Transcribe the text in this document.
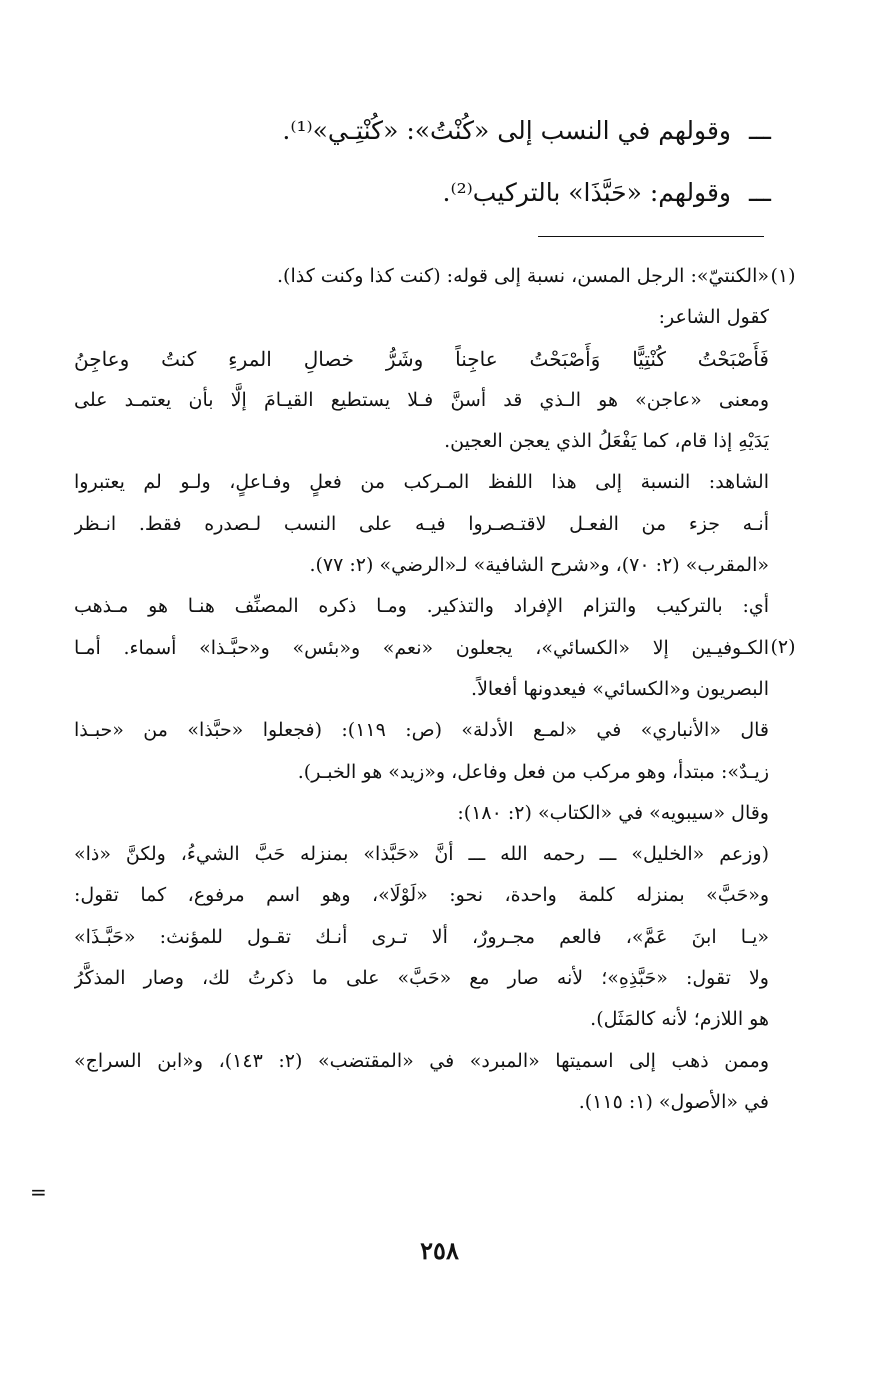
ـــوقولهم في النسب إلى «كُنْتُ»: «كُنْتِـي»⁽¹⁾.
ـــوقولهم: «حَبَّذَا» بالتركيب⁽²⁾.
(١)
(٢)
«الكنتيّ»: الرجل المسن، نسبة إلى قوله: (كنت كذا وكنت كذا).
كقول الشاعر:
فَأَصْبَحْتُ كُنْتِيًّا وَأَصْبَحْتُ عاجِناً وشَرُّ خصالِ المرءِ كنتُ وعاجِنُ
ومعنى «عاجن» هو الـذي قد أسنَّ فـلا يستطيع القيـامَ إلَّا بأن يعتمـد على
يَدَيْهِ إذا قام، كما يَفْعَلُ الذي يعجن العجين.
الشاهد: النسبة إلى هذا اللفظ المـركب من فعلٍ وفـاعلٍ، ولـو لم يعتبروا
أنـه جزء من الفعـل لاقتـصـروا فيـه على النسب لـصدره فقط. انـظر
«المقرب» (٢: ٧٠)، و«شرح الشافية» لـ«الرضي» (٢: ٧٧).
أي: بالتركيب والتزام الإفراد والتذكير. ومـا ذكره المصنِّف هنـا هو مـذهب
الكـوفيـين إلا «الكسائي»، يجعلون «نعم» و«بئس» و«حبَّـذا» أسماء. أمـا
البصريون و«الكسائي» فيعدونها أفعالاً.
قال «الأنباري» في «لمـع الأدلة» (ص: ١١٩): (فجعلوا «حبَّذا» من «حبـذا
زيـدٌ»: مبتدأ، وهو مركب من فعل وفاعل، و«زيد» هو الخبـر).
وقال «سيبويه» في «الكتاب» (٢: ١٨٠):
(وزعم «الخليل» ـــ رحمه الله ـــ أنَّ «حَبَّذا» بمنزله حَبَّ الشيءُ، ولكنَّ «ذا»
و«حَبَّ» بمنزله كلمة واحدة، نحو: «لَوْلَا»، وهو اسم مرفوع، كما تقول:
«يـا ابنَ عَمَّ»، فالعم مجـرورٌ، ألا تـرى أنـك تقـول للمؤنث: «حَبَّـذَا»
ولا تقول: «حَبَّذِهِ»؛ لأنه صار مع «حَبَّ» على ما ذكرتُ لك، وصار المذكَّرُ
هو اللازم؛ لأنه كالمَثَل).
وممن ذهب إلى اسميتها «المبرد» في «المقتضب» (٢: ١٤٣)، و«ابن السراج»
في «الأصول» (١: ١١٥).
=
٢٥٨
